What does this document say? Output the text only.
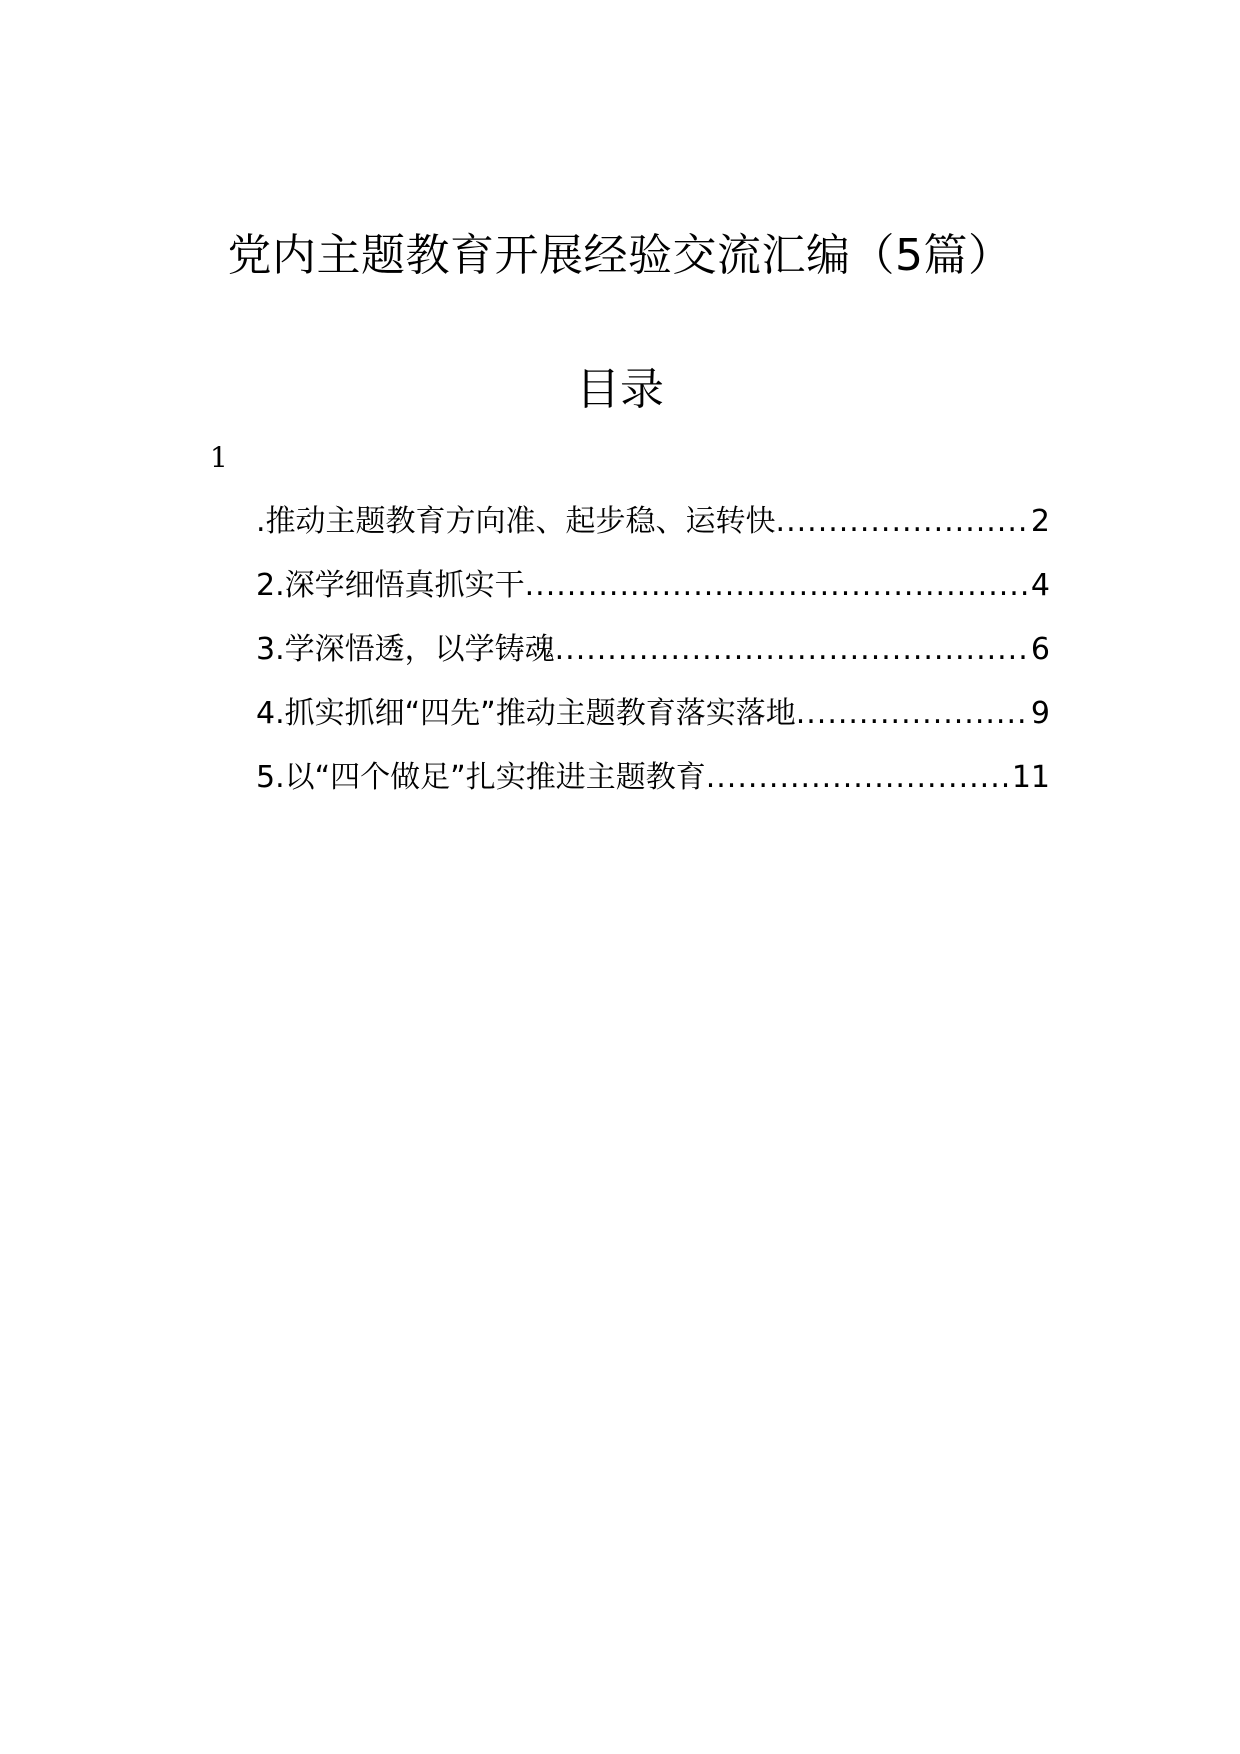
党内主题教育开展经验交流汇编（5篇）
目录
1
.推动主题教育方向准、起步稳、运转快 .....	2
2.深学细悟真抓实干 .....	4
3.学深悟透，以学铸魂 .....	6
4.抓实抓细“四先”推动主题教育落实落地 .....	9
5.以“四个做足”扎实推进主题教育 .....	11
